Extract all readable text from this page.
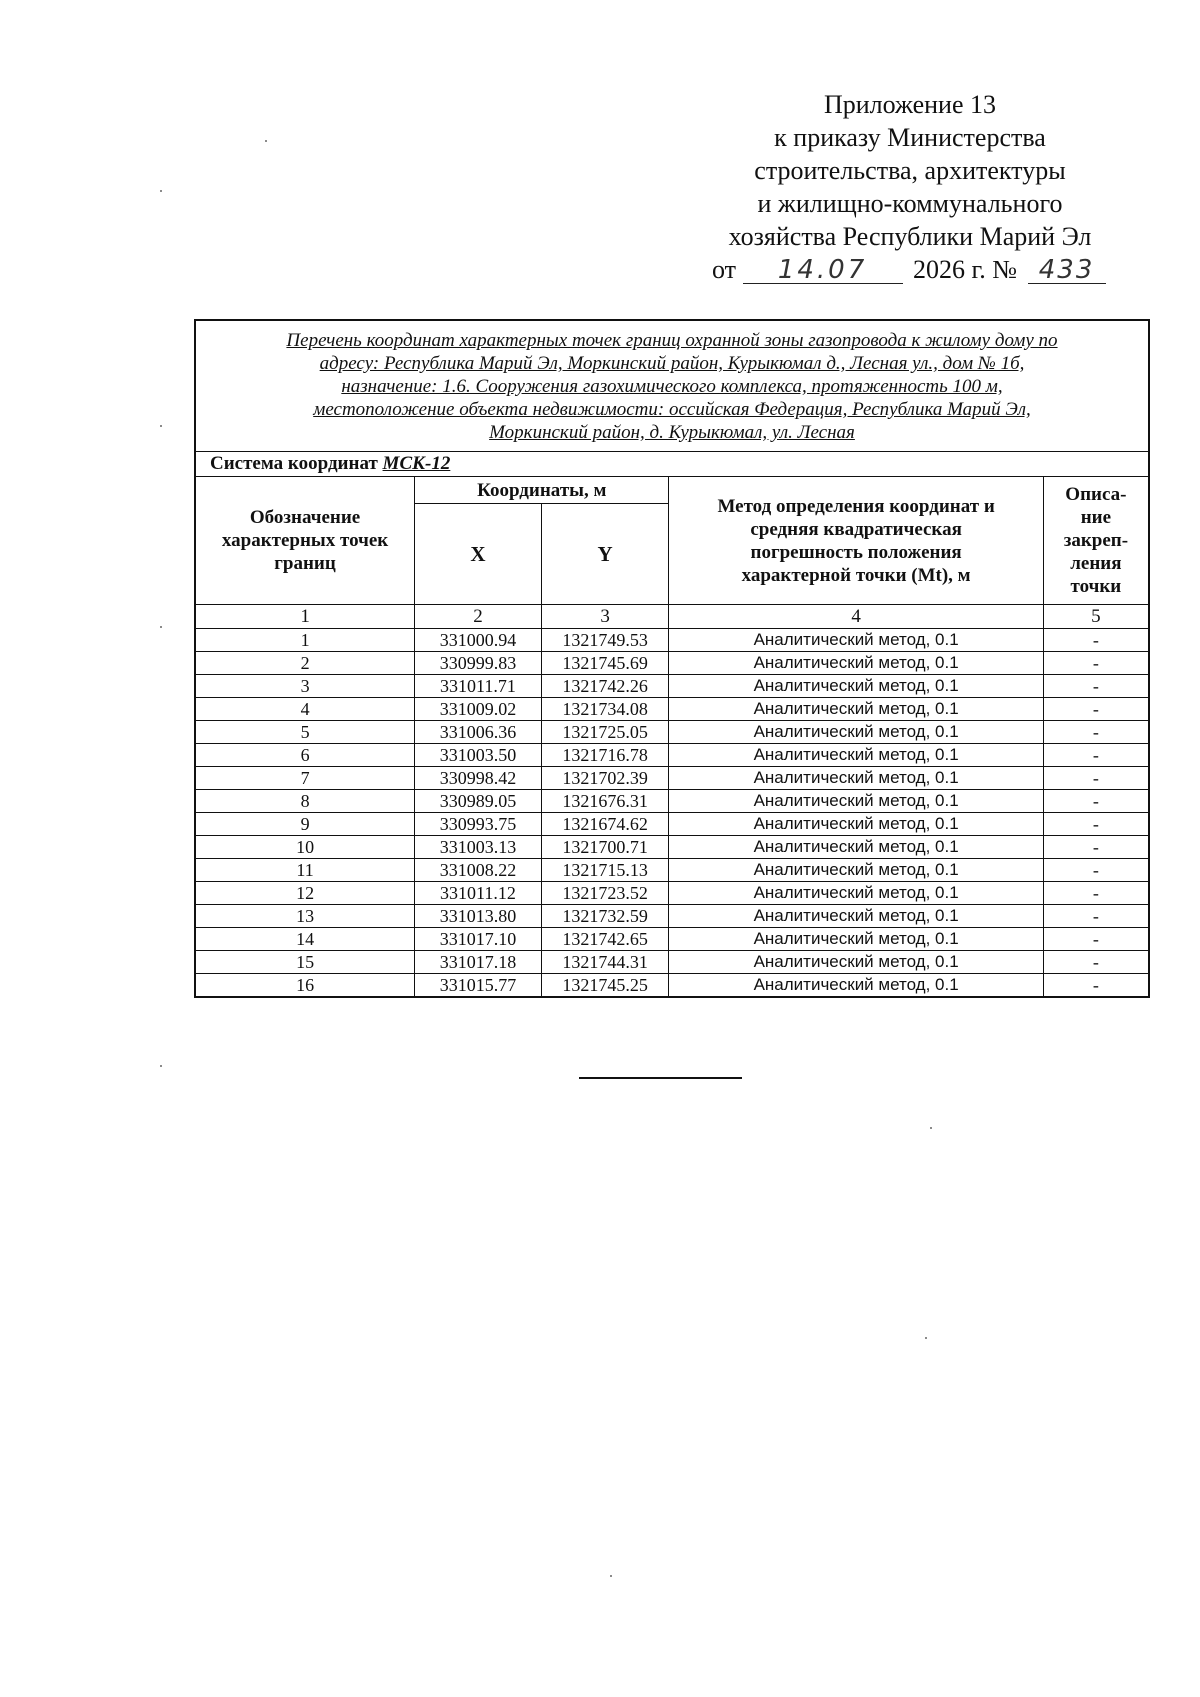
Приложение 13
к приказу Министерства
строительства, архитектуры
и жилищно-коммунального
хозяйства Республики Марий Эл
от 14.07 2026 г. № 433
Перечень координат характерных точек границ охранной зоны газопровода к жилому дому по
адресу: Республика Марий Эл, Моркинский район, Курыкюмал д., Лесная ул., дом № 1б,
назначение: 1.6. Сооружения газохимического комплекса, протяженность 100 м,
местоположение объекта недвижимости: оссийская Федерация, Республика Марий Эл,
Моркинский район, д. Курыкюмал, ул. Лесная				

Система координат МСК-12				

Обозначение
характерных точек
границ	Координаты, м		Метод определения координат и
средняя квадратическая
погрешность положения
характерной точки (Mt), м	Описа-
ние
закреп-
ления
точки

	X	Y		
1	2	3	4	5
1	331000.94	1321749.53	Аналитический метод, 0.1	-
2	330999.83	1321745.69	Аналитический метод, 0.1	-
3	331011.71	1321742.26	Аналитический метод, 0.1	-
4	331009.02	1321734.08	Аналитический метод, 0.1	-
5	331006.36	1321725.05	Аналитический метод, 0.1	-
6	331003.50	1321716.78	Аналитический метод, 0.1	-
7	330998.42	1321702.39	Аналитический метод, 0.1	-
8	330989.05	1321676.31	Аналитический метод, 0.1	-
9	330993.75	1321674.62	Аналитический метод, 0.1	-
10	331003.13	1321700.71	Аналитический метод, 0.1	-
11	331008.22	1321715.13	Аналитический метод, 0.1	-
12	331011.12	1321723.52	Аналитический метод, 0.1	-
13	331013.80	1321732.59	Аналитический метод, 0.1	-
14	331017.10	1321742.65	Аналитический метод, 0.1	-
15	331017.18	1321744.31	Аналитический метод, 0.1	-
16	331015.77	1321745.25	Аналитический метод, 0.1	-
